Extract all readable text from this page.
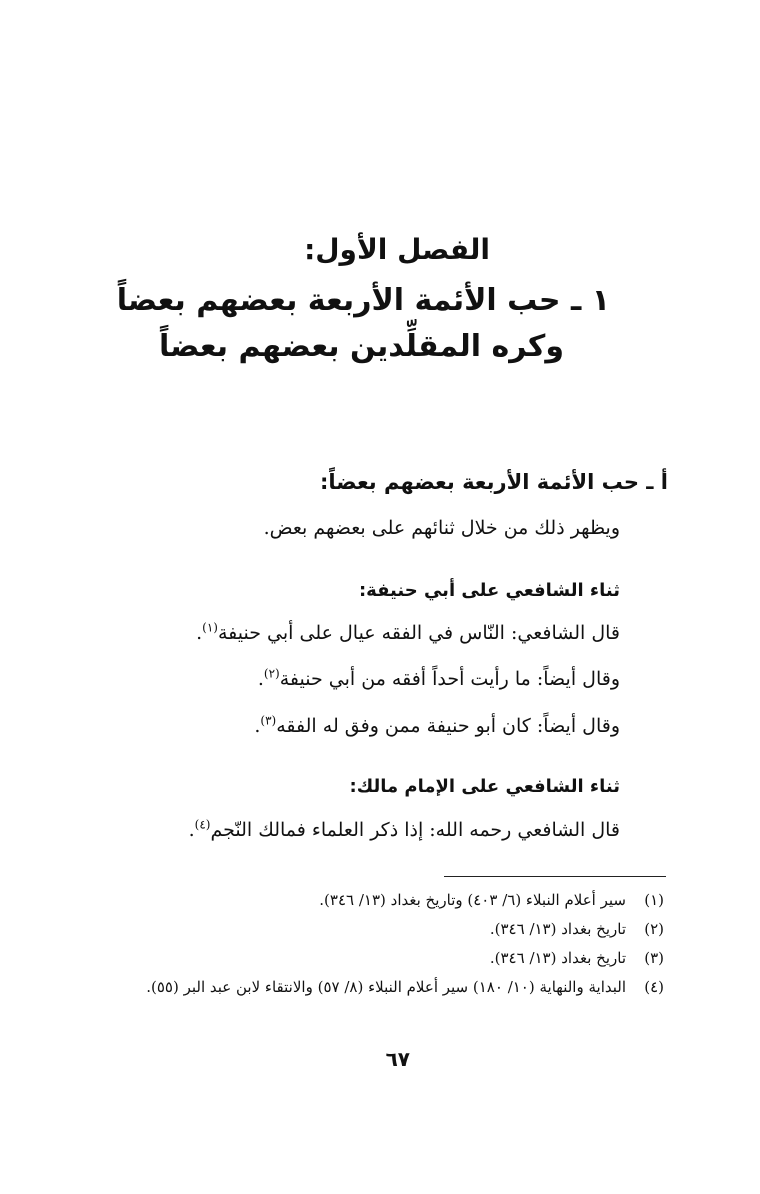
الفصل الأول:
١ ـ حب الأئمة الأربعة بعضهم بعضاً
وكره المقلِّدين بعضهم بعضاً
أ ـ حب الأئمة الأربعة بعضهم بعضاً:
ويظهر ذلك من خلال ثنائهم على بعضهم بعض.
ثناء الشافعي على أبي حنيفة:
قال الشافعي: النّاس في الفقه عيال على أبي حنيفة$^{(١)}$.
وقال أيضاً: ما رأيت أحداً أفقه من أبي حنيفة$^{(٢)}$.
وقال أيضاً: كان أبو حنيفة ممن وفق له الفقه$^{(٣)}$.
ثناء الشافعي على الإمام مالك:
قال الشافعي رحمه الله: إذا ذكر العلماء فمالك النّجم$^{(٤)}$.
(١)
سير أعلام النبلاء (٦/ ٤٠٣) وتاريخ بغداد (١٣/ ٣٤٦).
(٢)
تاريخ بغداد (١٣/ ٣٤٦).
(٣)
تاريخ بغداد (١٣/ ٣٤٦).
(٤)
البداية والنهاية (١٠/ ١٨٠) سير أعلام النبلاء (٨/ ٥٧) والانتقاء لابن عبد البر (٥٥).
٦٧
